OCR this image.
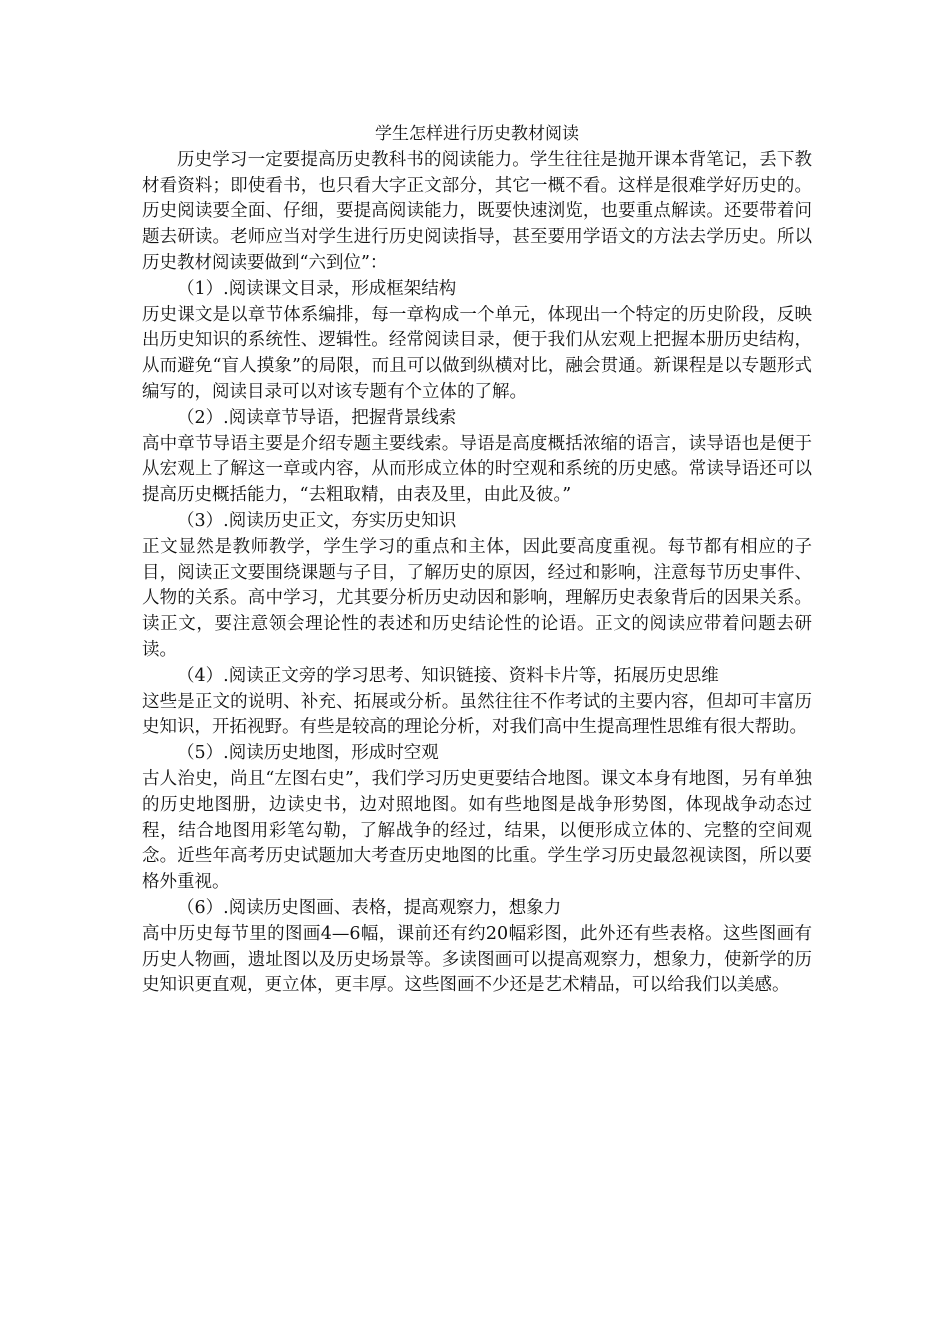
学生怎样进行历史教材阅读

历史学习一定要提高历史教科书的阅读能力。学生往往是抛开课本背笔记，丢下教材看资料；即使看书，也只看大字正文部分，其它一概不看。这样是很难学好历史的。历史阅读要全面、仔细，要提高阅读能力，既要快速浏览，也要重点解读。还要带着问题去研读。老师应当对学生进行历史阅读指导，甚至要用学语文的方法去学历史。所以历史教材阅读要做到“六到位”：

（1）.阅读课文目录，形成框架结构

历史课文是以章节体系编排，每一章构成一个单元，体现出一个特定的历史阶段，反映出历史知识的系统性、逻辑性。经常阅读目录，便于我们从宏观上把握本册历史结构，从而避免“盲人摸象”的局限，而且可以做到纵横对比，融会贯通。新课程是以专题形式编写的，阅读目录可以对该专题有个立体的了解。

（2）.阅读章节导语，把握背景线索

高中章节导语主要是介绍专题主要线索。导语是高度概括浓缩的语言，读导语也是便于从宏观上了解这一章或内容，从而形成立体的时空观和系统的历史感。常读导语还可以提高历史概括能力，“去粗取精，由表及里，由此及彼。”

（3）.阅读历史正文，夯实历史知识

正文显然是教师教学，学生学习的重点和主体，因此要高度重视。每节都有相应的子目，阅读正文要围绕课题与子目，了解历史的原因，经过和影响，注意每节历史事件、人物的关系。高中学习，尤其要分析历史动因和影响，理解历史表象背后的因果关系。读正文，要注意领会理论性的表述和历史结论性的论语。正文的阅读应带着问题去研读。

（4）.阅读正文旁的学习思考、知识链接、资料卡片等，拓展历史思维

这些是正文的说明、补充、拓展或分析。虽然往往不作考试的主要内容，但却可丰富历史知识，开拓视野。有些是较高的理论分析，对我们高中生提高理性思维有很大帮助。

（5）.阅读历史地图，形成时空观

古人治史，尚且“左图右史”，我们学习历史更要结合地图。课文本身有地图，另有单独的历史地图册，边读史书，边对照地图。如有些地图是战争形势图，体现战争动态过程，结合地图用彩笔勾勒，了解战争的经过，结果，以便形成立体的、完整的空间观念。近些年高考历史试题加大考查历史地图的比重。学生学习历史最忽视读图，所以要格外重视。

（6）.阅读历史图画、表格，提高观察力，想象力

高中历史每节里的图画4—6幅，课前还有约20幅彩图，此外还有些表格。这些图画有历史人物画，遗址图以及历史场景等。多读图画可以提高观察力，想象力，使新学的历史知识更直观，更立体，更丰厚。这些图画不少还是艺术精品，可以给我们以美感。
